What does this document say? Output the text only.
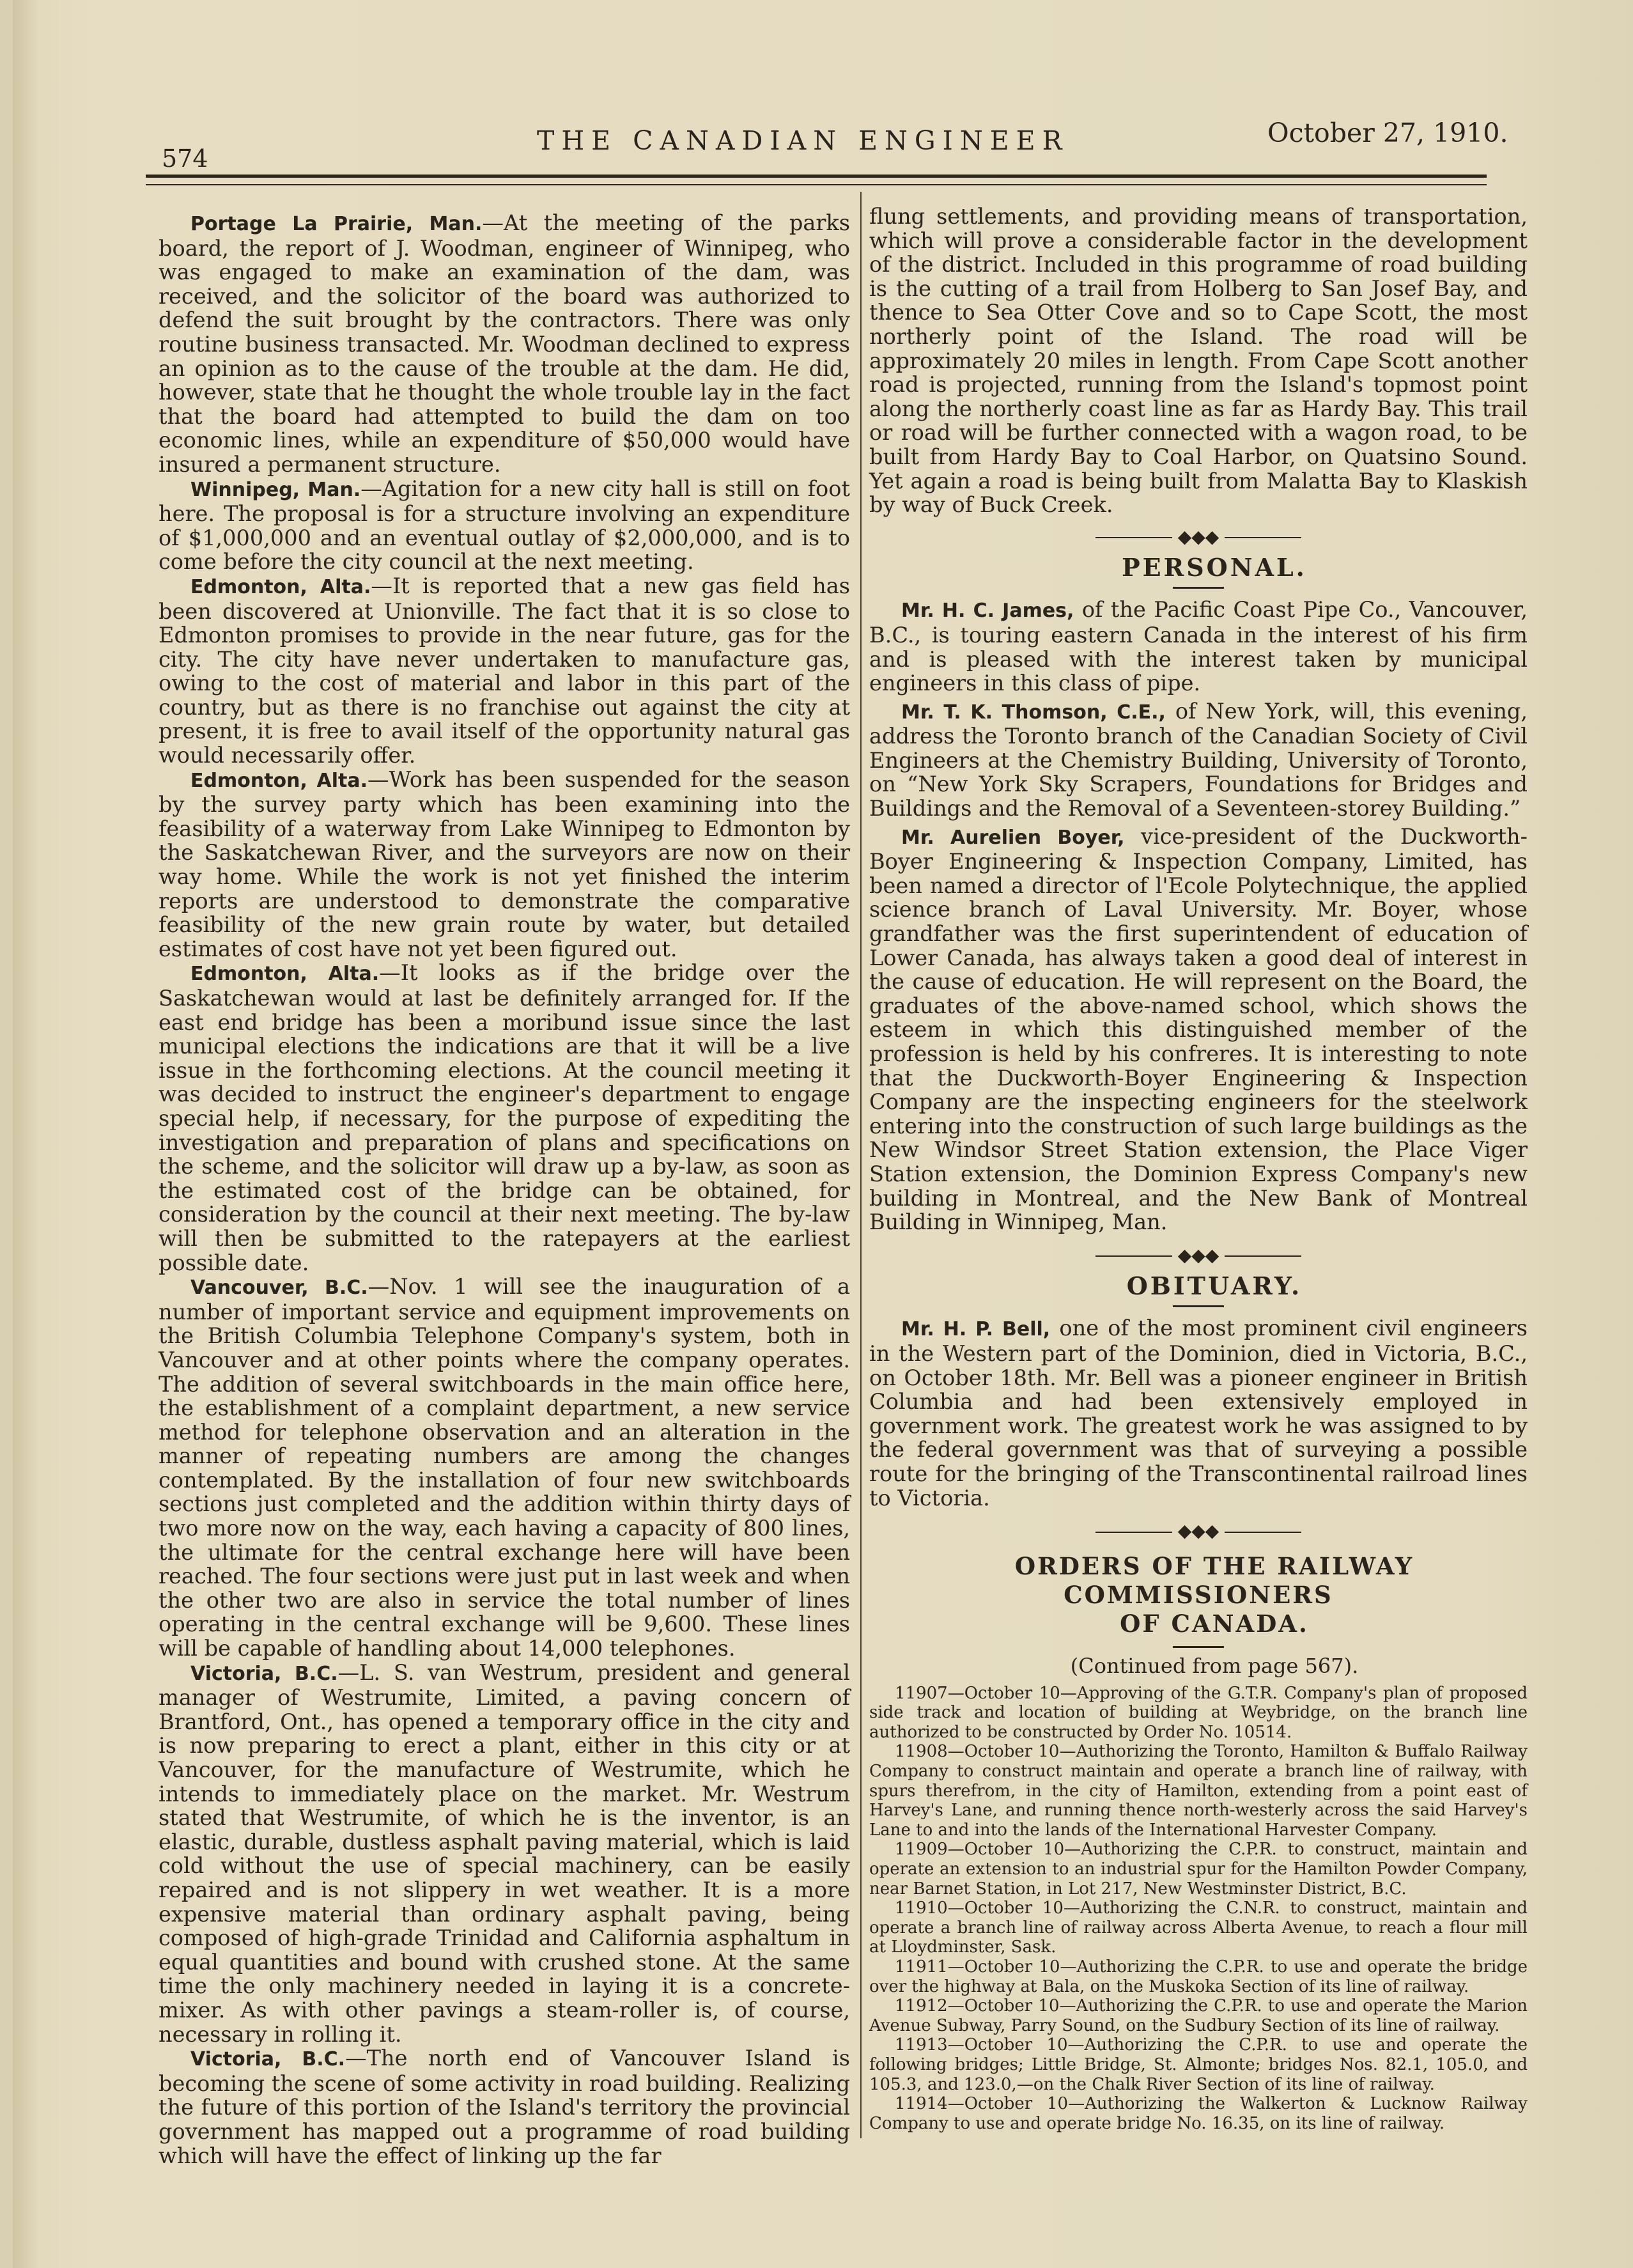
574
THE CANADIAN ENGINEER	October 27, 1910.

Portage La Prairie, Man.—At the meeting of the parks board, the report of J. Woodman, engineer of Winnipeg, who was engaged to make an examination of the dam, was received, and the solicitor of the board was authorized to defend the suit brought by the contractors. There was only routine business transacted. Mr. Woodman declined to express an opinion as to the cause of the trouble at the dam. He did, however, state that he thought the whole trouble lay in the fact that the board had attempted to build the dam on too economic lines, while an expenditure of $50,000 would have insured a permanent structure.

Winnipeg, Man.—Agitation for a new city hall is still on foot here. The proposal is for a structure involving an expenditure of $1,000,000 and an eventual outlay of $2,000,000, and is to come before the city council at the next meeting.

Edmonton, Alta.—It is reported that a new gas field has been discovered at Unionville. The fact that it is so close to Edmonton promises to provide in the near future, gas for the city. The city have never undertaken to manufacture gas, owing to the cost of material and labor in this part of the country, but as there is no franchise out against the city at present, it is free to avail itself of the opportunity natural gas would necessarily offer.

Edmonton, Alta.—Work has been suspended for the season by the survey party which has been examining into the feasibility of a waterway from Lake Winnipeg to Edmonton by the Saskatchewan River, and the surveyors are now on their way home. While the work is not yet finished the interim reports are understood to demonstrate the comparative feasibility of the new grain route by water, but detailed estimates of cost have not yet been figured out.

Edmonton, Alta.—It looks as if the bridge over the Saskatchewan would at last be definitely arranged for. If the east end bridge has been a moribund issue since the last municipal elections the indications are that it will be a live issue in the forthcoming elections. At the council meeting it was decided to instruct the engineer's department to engage special help, if necessary, for the purpose of expediting the investigation and preparation of plans and specifications on the scheme, and the solicitor will draw up a by-law, as soon as the estimated cost of the bridge can be obtained, for consideration by the council at their next meeting. The by-law will then be submitted to the ratepayers at the earliest possible date.

Vancouver, B.C.—Nov. 1 will see the inauguration of a number of important service and equipment improvements on the British Columbia Telephone Company's system, both in Vancouver and at other points where the company operates. The addition of several switchboards in the main office here, the establishment of a complaint department, a new service method for telephone observation and an alteration in the manner of repeating numbers are among the changes contemplated. By the installation of four new switchboards sections just completed and the addition within thirty days of two more now on the way, each having a capacity of 800 lines, the ultimate for the central exchange here will have been reached. The four sections were just put in last week and when the other two are also in service the total number of lines operating in the central exchange will be 9,600. These lines will be capable of handling about 14,000 telephones.

Victoria, B.C.—L. S. van Westrum, president and general manager of Westrumite, Limited, a paving concern of Brantford, Ont., has opened a temporary office in the city and is now preparing to erect a plant, either in this city or at Vancouver, for the manufacture of Westrumite, which he intends to immediately place on the market. Mr. Westrum stated that Westrumite, of which he is the inventor, is an elastic, durable, dustless asphalt paving material, which is laid cold without the use of special machinery, can be easily repaired and is not slippery in wet weather. It is a more expensive material than ordinary asphalt paving, being composed of high-grade Trinidad and California asphaltum in equal quantities and bound with crushed stone. At the same time the only machinery needed in laying it is a concrete-mixer. As with other pavings a steam-roller is, of course, necessary in rolling it.

Victoria, B.C.—The north end of Vancouver Island is becoming the scene of some activity in road building. Realizing the future of this portion of the Island's territory the provincial government has mapped out a programme of road building which will have the effect of linking up the far

flung settlements, and providing means of transportation, which will prove a considerable factor in the development of the district. Included in this programme of road building is the cutting of a trail from Holberg to San Josef Bay, and thence to Sea Otter Cove and so to Cape Scott, the most northerly point of the Island. The road will be approximately 20 miles in length. From Cape Scott another road is projected, running from the Island's topmost point along the northerly coast line as far as Hardy Bay. This trail or road will be further connected with a wagon road, to be built from Hardy Bay to Coal Harbor, on Quatsino Sound. Yet again a road is being built from Malatta Bay to Klaskish by way of Buck Creek.

◆◆◆

PERSONAL.

Mr. H. C. James, of the Pacific Coast Pipe Co., Vancouver, B.C., is touring eastern Canada in the interest of his firm and is pleased with the interest taken by municipal engineers in this class of pipe.

Mr. T. K. Thomson, C.E., of New York, will, this evening, address the Toronto branch of the Canadian Society of Civil Engineers at the Chemistry Building, University of Toronto, on “New York Sky Scrapers, Foundations for Bridges and Buildings and the Removal of a Seventeen-storey Building.”

Mr. Aurelien Boyer, vice-president of the Duckworth-Boyer Engineering & Inspection Company, Limited, has been named a director of l'Ecole Polytechnique, the applied science branch of Laval University. Mr. Boyer, whose grandfather was the first superintendent of education of Lower Canada, has always taken a good deal of interest in the cause of education. He will represent on the Board, the graduates of the above-named school, which shows the esteem in which this distinguished member of the profession is held by his confreres. It is interesting to note that the Duckworth-Boyer Engineering & Inspection Company are the inspecting engineers for the steelwork entering into the construction of such large buildings as the New Windsor Street Station extension, the Place Viger Station extension, the Dominion Express Company's new building in Montreal, and the New Bank of Montreal Building in Winnipeg, Man.

◆◆◆

OBITUARY.

Mr. H. P. Bell, one of the most prominent civil engineers in the Western part of the Dominion, died in Victoria, B.C., on October 18th. Mr. Bell was a pioneer engineer in British Columbia and had been extensively employed in government work. The greatest work he was assigned to by the federal government was that of surveying a possible route for the bringing of the Transcontinental railroad lines to Victoria.

◆◆◆

ORDERS OF THE RAILWAY COMMISSIONERS

OF CANADA.

(Continued from page 567).

11907—October 10—Approving of the G.T.R. Company's plan of proposed side track and location of building at Weybridge, on the branch line authorized to be constructed by Order No. 10514.

11908—October 10—Authorizing the Toronto, Hamilton & Buffalo Railway Company to construct maintain and operate a branch line of railway, with spurs therefrom, in the city of Hamilton, extending from a point east of Harvey's Lane, and running thence north-westerly across the said Harvey's Lane to and into the lands of the International Harvester Company.

11909—October 10—Authorizing the C.P.R. to construct, maintain and operate an extension to an industrial spur for the Hamilton Powder Company, near Barnet Station, in Lot 217, New Westminster District, B.C.

11910—October 10—Authorizing the C.N.R. to construct, maintain and operate a branch line of railway across Alberta Avenue, to reach a flour mill at Lloydminster, Sask.

11911—October 10—Authorizing the C.P.R. to use and operate the bridge over the highway at Bala, on the Muskoka Section of its line of railway.

11912—October 10—Authorizing the C.P.R. to use and operate the Marion Avenue Subway, Parry Sound, on the Sudbury Section of its line of railway.

11913—October 10—Authorizing the C.P.R. to use and operate the following bridges; Little Bridge, St. Almonte; bridges Nos. 82.1, 105.0, and 105.3, and 123.0,—on the Chalk River Section of its line of railway.

11914—October 10—Authorizing the Walkerton & Lucknow Railway Company to use and operate bridge No. 16.35, on its line of railway.
